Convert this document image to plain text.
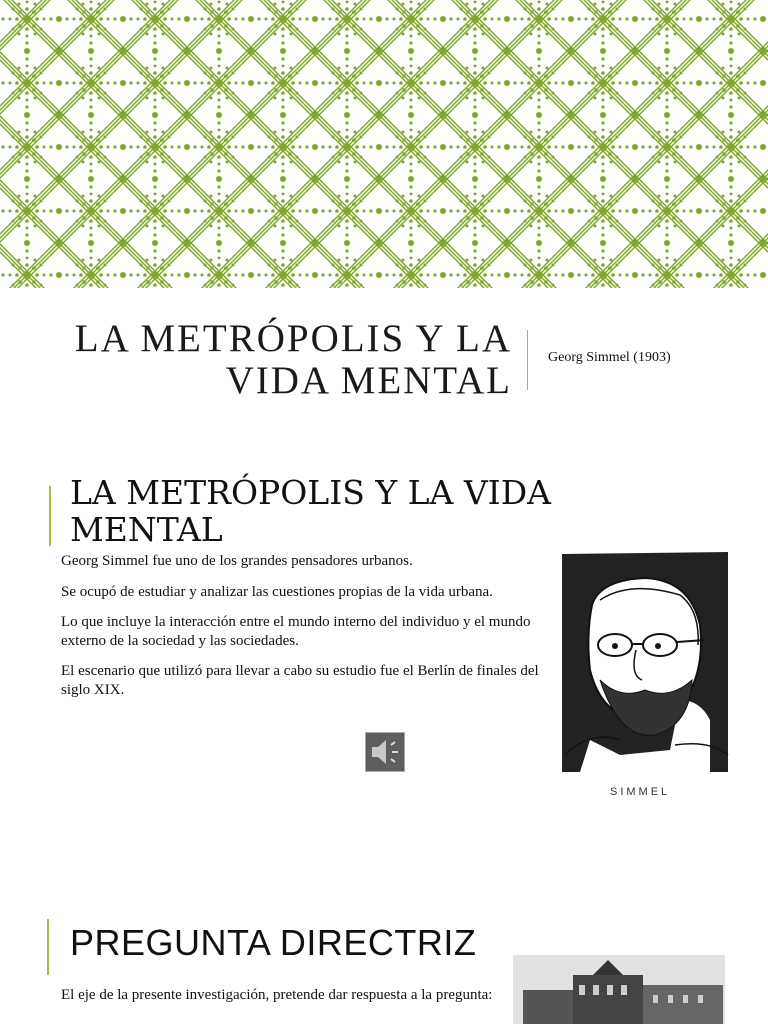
LA METRÓPOLIS Y LA VIDA MENTAL
Georg Simmel (1903)
LA METRÓPOLIS Y LA VIDA MENTAL
Georg Simmel fue uno de los grandes pensadores urbanos.
Se ocupó de estudiar y analizar las cuestiones propias de la vida urbana.
Lo que incluye la interacción entre el mundo interno del individuo y el mundo externo de la sociedad y las sociedades.
El escenario que utilizó para llevar a cabo su estudio fue el Berlín de finales del siglo XIX.
SIMMEL
PREGUNTA DIRECTRIZ
El eje de la presente investigación, pretende dar respuesta a la pregunta:
